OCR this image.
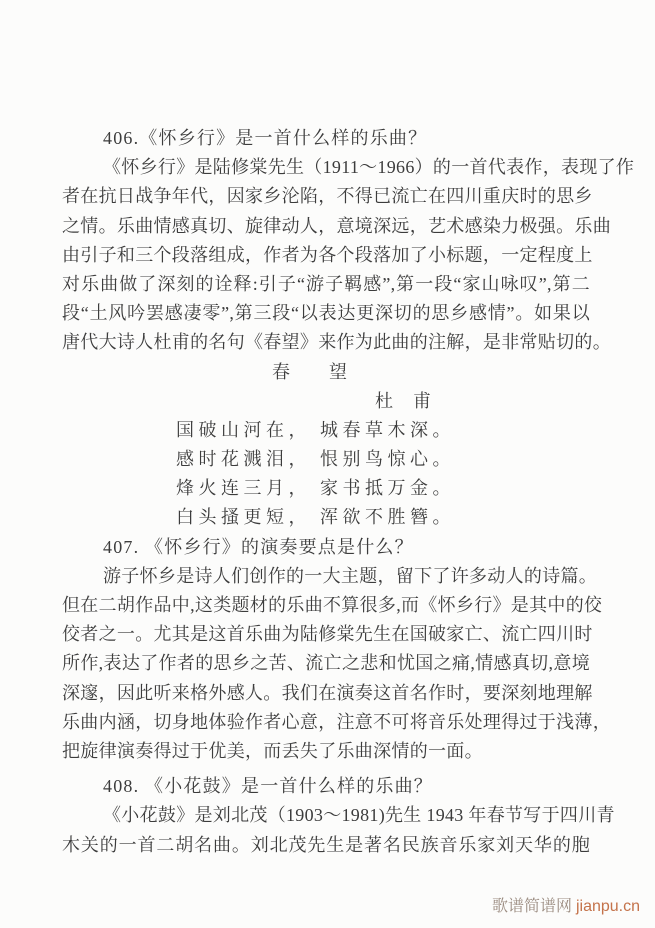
406.《怀乡行》是一首什么样的乐曲？

《怀乡行》是陆修棠先生（1911～1966）的一首代表作，表现了作

者在抗日战争年代，因家乡沦陷，不得已流亡在四川重庆时的思乡

之情。乐曲情感真切、旋律动人，意境深远，艺术感染力极强。乐曲

由引子和三个段落组成，作者为各个段落加了小标题，一定程度上

对乐曲做了深刻的诠释:引子“游子羁感”,第一段“家山咏叹”,第二

段“土风吟罢感凄零”,第三段“以表达更深切的思乡感情”。如果以

唐代大诗人杜甫的名句《春望》来作为此曲的注解，是非常贴切的。

春　　望

杜　甫

国破山河在， 城春草木深。

感时花溅泪， 恨别鸟惊心。

烽火连三月， 家书抵万金。

白头搔更短， 浑欲不胜簪。

407. 《怀乡行》的演奏要点是什么？

游子怀乡是诗人们创作的一大主题，留下了许多动人的诗篇。

但在二胡作品中,这类题材的乐曲不算很多,而《怀乡行》是其中的佼

佼者之一。尤其是这首乐曲为陆修棠先生在国破家亡、流亡四川时

所作,表达了作者的思乡之苦、流亡之悲和忧国之痛,情感真切,意境

深邃，因此听来格外感人。我们在演奏这首名作时，要深刻地理解

乐曲内涵，切身地体验作者心意，注意不可将音乐处理得过于浅薄，

把旋律演奏得过于优美，而丢失了乐曲深情的一面。

408. 《小花鼓》是一首什么样的乐曲？

《小花鼓》是刘北茂（1903～1981)先生 1943 年春节写于四川青

木关的一首二胡名曲。刘北茂先生是著名民族音乐家刘天华的胞

歌谱简谱网 jianpu.cn
